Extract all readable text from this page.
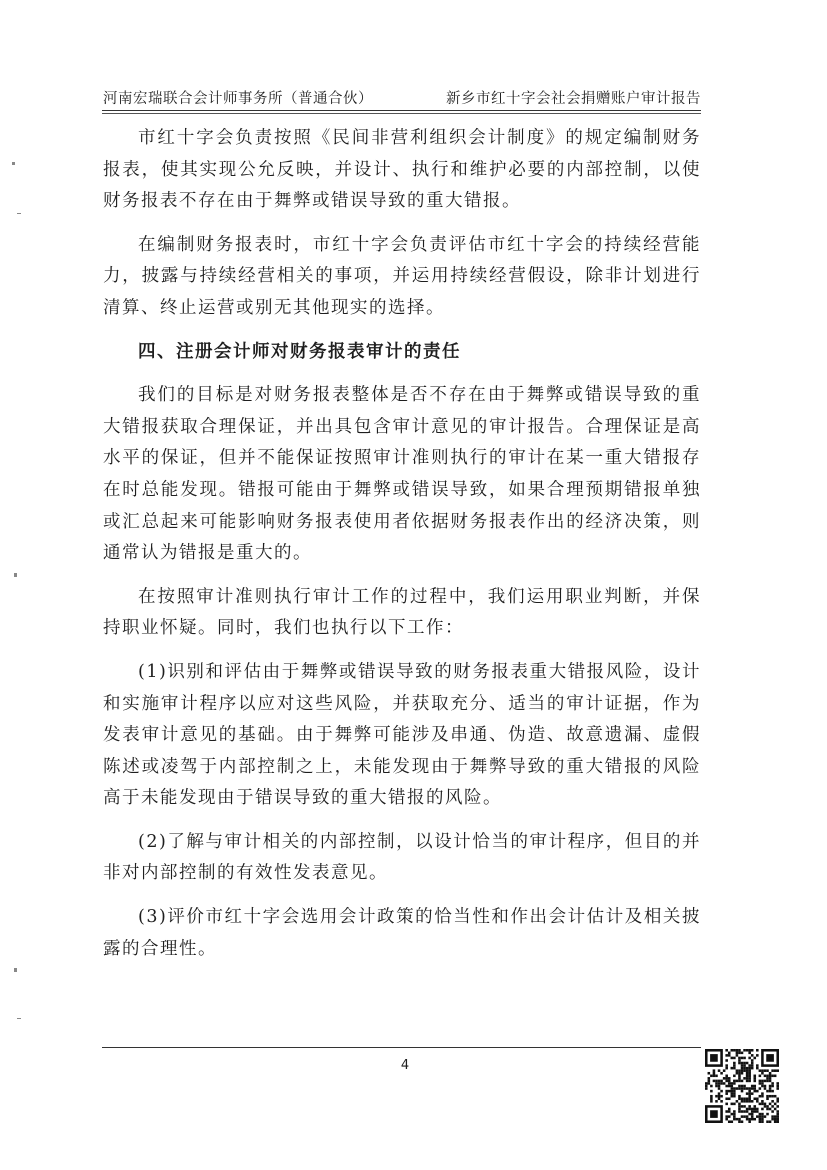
河南宏瑞联合会计师事务所（普通合伙）	新乡市红十字会社会捐赠账户审计报告

市红十字会负责按照《民间非营利组织会计制度》的规定编制财务报表，使其实现公允反映，并设计、执行和维护必要的内部控制，以使财务报表不存在由于舞弊或错误导致的重大错报。

在编制财务报表时，市红十字会负责评估市红十字会的持续经营能力，披露与持续经营相关的事项，并运用持续经营假设，除非计划进行清算、终止运营或别无其他现实的选择。

四、注册会计师对财务报表审计的责任

我们的目标是对财务报表整体是否不存在由于舞弊或错误导致的重大错报获取合理保证，并出具包含审计意见的审计报告。合理保证是高水平的保证，但并不能保证按照审计准则执行的审计在某一重大错报存在时总能发现。错报可能由于舞弊或错误导致，如果合理预期错报单独或汇总起来可能影响财务报表使用者依据财务报表作出的经济决策，则通常认为错报是重大的。

在按照审计准则执行审计工作的过程中，我们运用职业判断，并保持职业怀疑。同时，我们也执行以下工作：

(1)识别和评估由于舞弊或错误导致的财务报表重大错报风险，设计和实施审计程序以应对这些风险，并获取充分、适当的审计证据，作为发表审计意见的基础。由于舞弊可能涉及串通、伪造、故意遗漏、虚假陈述或凌驾于内部控制之上，未能发现由于舞弊导致的重大错报的风险高于未能发现由于错误导致的重大错报的风险。

(2)了解与审计相关的内部控制，以设计恰当的审计程序，但目的并非对内部控制的有效性发表意见。

(3)评价市红十字会选用会计政策的恰当性和作出会计估计及相关披露的合理性。

4
